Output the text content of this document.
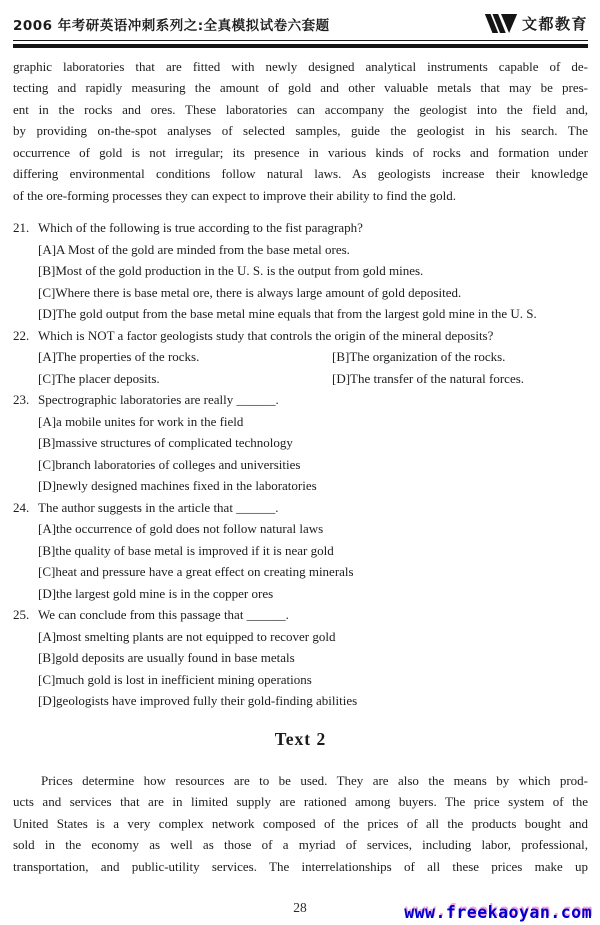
2006 年考研英语冲刺系列之:全真模拟试卷六套题	文都教育
graphic laboratories that are fitted with newly designed analytical instruments capable of de-
tecting and rapidly measuring the amount of gold and other valuable metals that may be pres-
ent in the rocks and ores. These laboratories can accompany the geologist into the field and,
by providing on-the-spot analyses of selected samples, guide the geologist in his search. The
occurrence of gold is not irregular; its presence in various kinds of rocks and formation under
differing environmental conditions follow natural laws. As geologists increase their knowledge
of the ore-forming processes they can expect to improve their ability to find the gold.
21. Which of the following is true according to the fist paragraph?
[A]A Most of the gold are minded from the base metal ores.
[B]Most of the gold production in the U. S. is the output from gold mines.
[C]Where there is base metal ore, there is always large amount of gold deposited.
[D]The gold output from the base metal mine equals that from the largest gold mine in the U. S.
22. Which is NOT a factor geologists study that controls the origin of the mineral deposits?
[A]The properties of the rocks.	[B]The organization of the rocks.
[C]The placer deposits.	[D]The transfer of the natural forces.
23. Spectrographic laboratories are really ______.
[A]a mobile unites for work in the field
[B]massive structures of complicated technology
[C]branch laboratories of colleges and universities
[D]newly designed machines fixed in the laboratories
24. The author suggests in the article that ______.
[A]the occurrence of gold does not follow natural laws
[B]the quality of base metal is improved if it is near gold
[C]heat and pressure have a great effect on creating minerals
[D]the largest gold mine is in the copper ores
25. We can conclude from this passage that ______.
[A]most smelting plants are not equipped to recover gold
[B]gold deposits are usually found in base metals
[C]much gold is lost in inefficient mining operations
[D]geologists have improved fully their gold-finding abilities
Text 2
Prices determine how resources are to be used. They are also the means by which prod-
ucts and services that are in limited supply are rationed among buyers. The price system of the
United States is a very complex network composed of the prices of all the products bought and
sold in the economy as well as those of a myriad of services, including labor, professional,
transportation, and public-utility services. The interrelationships of all these prices make up
28	www.freekaoyan.com
